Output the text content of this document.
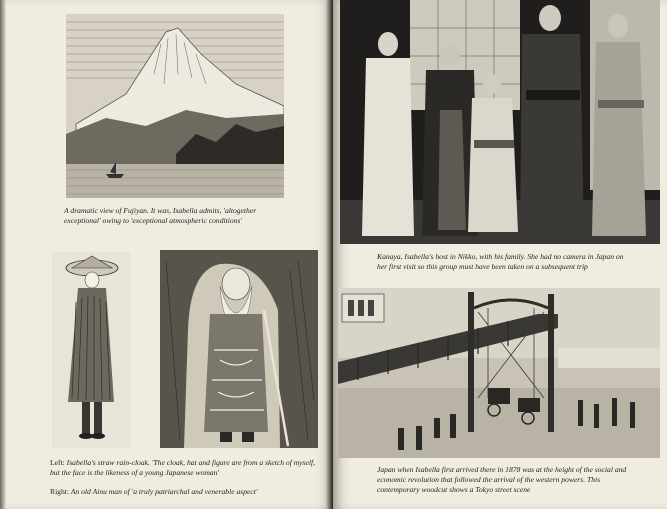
A dramatic view of Fujiyan. It was, Isabella admits, 'altogether exceptional' owing to 'exceptional atmospheric conditions'
Left: Isabella's straw rain-cloak. 'The cloak, hat and figure are from a sketch of myself, but the face is the likeness of a young Japanese woman'
Right: An old Ainu man of 'a truly patriarchal and venerable aspect'
Kanaya, Isabella's host in Nikko, with his family. She had no camera in Japan on her first visit so this group must have been taken on a subsequent trip
Japan when Isabella first arrived there in 1878 was at the height of the social and economic revolution that followed the arrival of the western powers. This contemporary woodcut shows a Tokyo street scene
